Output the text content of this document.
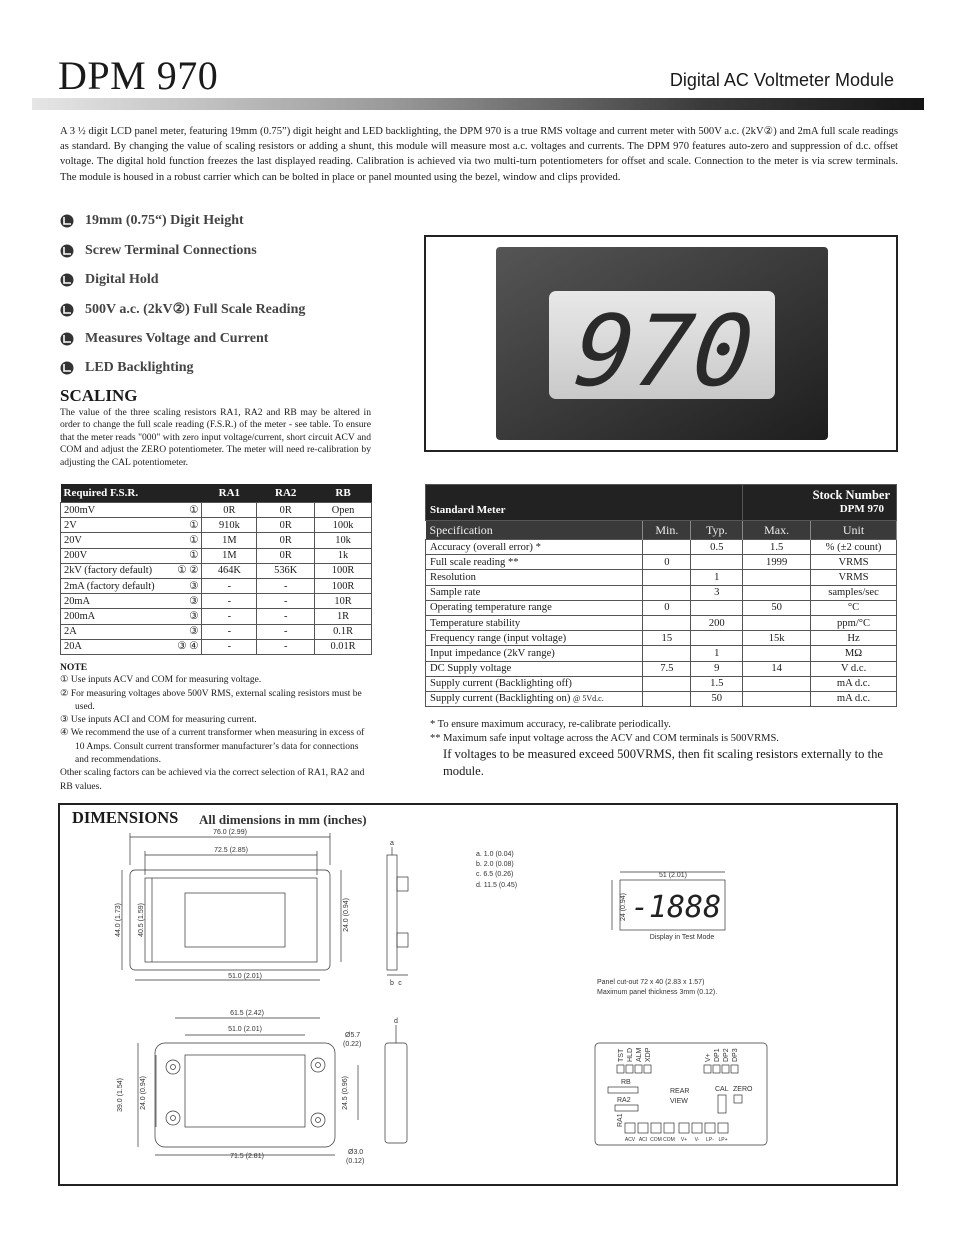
DPM 970	Digital AC Voltmeter Module
A 3 ½ digit LCD panel meter, featuring 19mm (0.75”) digit height and LED backlighting, the DPM 970 is a true RMS voltage and current meter with 500V a.c. (2kV②) and 2mA full scale readings as standard. By changing the value of scaling resistors or adding a shunt, this module will measure most a.c. voltages and currents. The DPM 970 features auto-zero and suppression of d.c. offset voltage. The digital hold function freezes the last displayed reading. Calibration is achieved via two multi-turn potentiometers for offset and scale. Connection to the meter is via screw terminals. The module is housed in a robust carrier which can be bolted in place or panel mounted using the bezel, window and clips provided.
19mm (0.75“) Digit Height
Screw Terminal Connections
Digital Hold
500V a.c. (2kV②) Full Scale Reading
Measures Voltage and Current
LED Backlighting
SCALING
The value of the three scaling resistors RA1, RA2 and RB may be altered in order to change the full scale reading (F.S.R.) of the meter - see table. To ensure that the meter reads "000" with zero input voltage/current, short circuit ACV and COM and adjust the ZERO potentiometer. The meter will need re-calibration by adjusting the CAL potentiometer.
Required F.S.R.	RA1	RA2	RB
200mV ①	0R	0R	Open
2V ①	910k	0R	100k
20V ①	1M	0R	10k
200V ①	1M	0R	1k
2kV (factory default) ① ②	464K	536K	100R
2mA (factory default) ③	-	-	100R
20mA ③	-	-	10R
200mA ③	-	-	1R
2A ③	-	-	0.1R
20A ③ ④	-	-	0.01R
NOTE
① Use inputs ACV and COM for measuring voltage.
② For measuring voltages above 500V RMS, external scaling resistors must be used.
③ Use inputs ACI and COM for measuring current.
④ We recommend the use of a current transformer when measuring in excess of 10 Amps. Consult current transformer manufacturer’s data for connections and recommendations.
Other scaling factors can be achieved via the correct selection of RA1, RA2 and RB values.
970
Standard Meter			Stock Number
DPM 970	

Specification	Min.	Typ.	Max.	Unit
Accuracy (overall error) *		0.5	1.5	% (±2 count)
Full scale reading **	0		1999	VRMS
Resolution		1		VRMS
Sample rate		3		samples/sec
Operating temperature range	0		50	°C
Temperature stability		200		ppm/°C
Frequency range (input voltage)	15		15k	Hz
Input impedance (2kV range)		1		MΩ
DC Supply voltage	7.5	9	14	V d.c.
Supply current (Backlighting off)		1.5		mA d.c.
Supply current (Backlighting on) @ 5Vd.c.		50		mA d.c.
* To ensure maximum accuracy, re-calibrate periodically.
** Maximum safe input voltage across the ACV and COM terminals is 500VRMS.
If voltages to be measured exceed 500VRMS, then fit scaling resistors externally to the module.
DIMENSIONS All dimensions in mm (inches)
76.0 (2.99)
72.5 (2.85)
44.0 (1.73) 40.5 (1.59)	24.0 (0.94)
51.0 (2.01)
a
b c
d
a. 1.0 (0.04)
b. 2.0 (0.08)
c. 6.5 (0.26)
d. 11.5 (0.45)
51 (2.01)
24 (0.94) -1888
Display in Test Mode
Panel cut-out 72 x 40 (2.83 x 1.57)
Maximum panel thickness 3mm (0.12).
61.5 (2.42)
51.0 (2.01)
39.0 (1.54) 24.0 (0.94)	24.5 (0.96)
Ø5.7
(0.22)
71.5 (2.81)
Ø3.0
(0.12)
TST HLD ALM XDP	V+ DP1 DP2 DP3
RB
RA2
RA1
REAR
VIEW
CAL ZERO
ACV ACI COM COM V+ V- LP- LP+
